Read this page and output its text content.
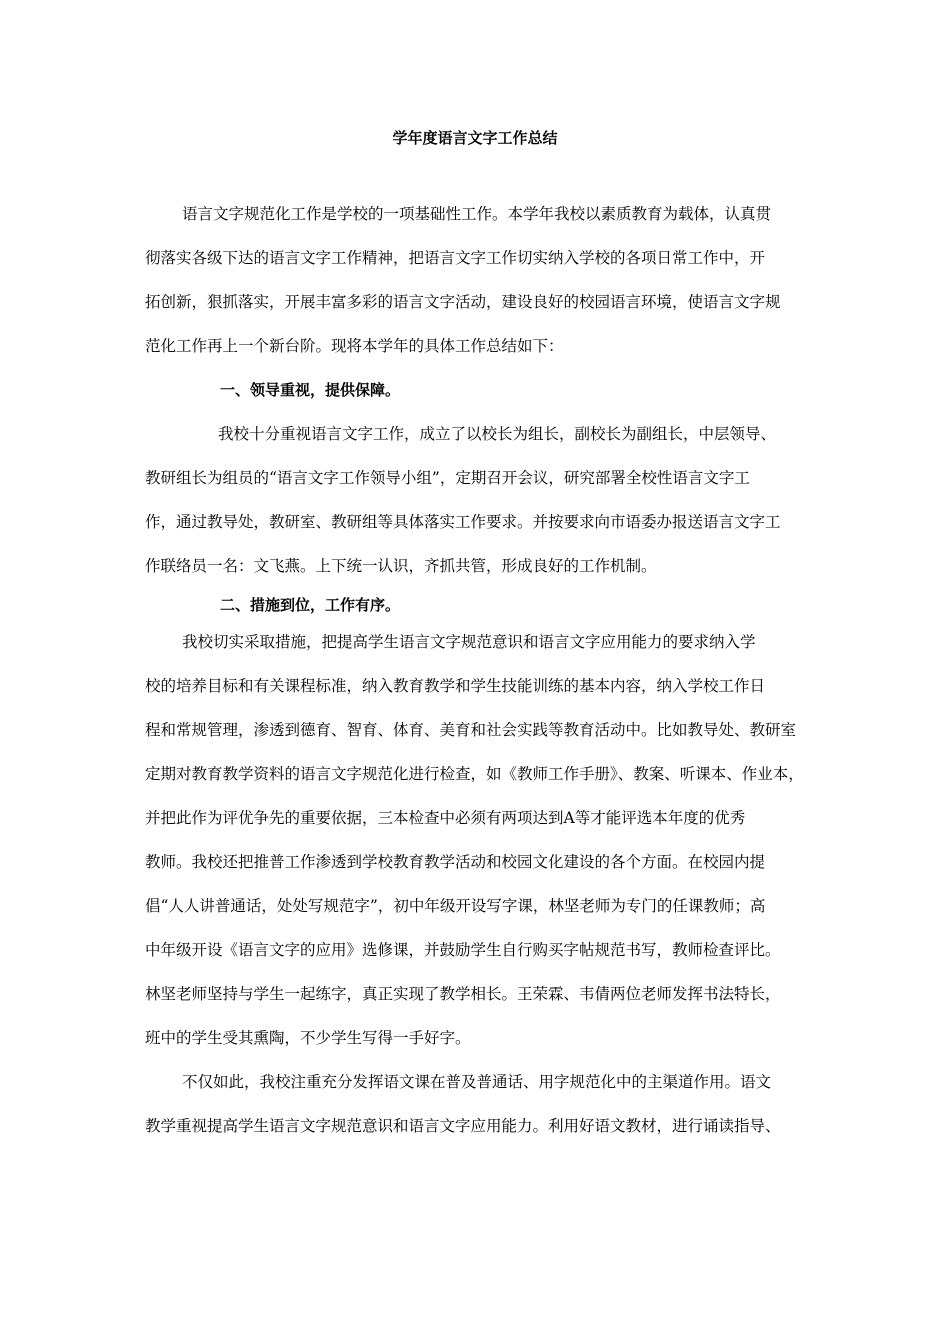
学年度语言文字工作总结
语言文字规范化工作是学校的一项基础性工作。本学年我校以素质教育为载体，认真贯
彻落实各级下达的语言文字工作精神，把语言文字工作切实纳入学校的各项日常工作中，开
拓创新，狠抓落实，开展丰富多彩的语言文字活动，建设良好的校园语言环境，使语言文字规
范化工作再上一个新台阶。现将本学年的具体工作总结如下：
一、领导重视，提供保障。
我校十分重视语言文字工作，成立了以校长为组长，副校长为副组长，中层领导、
教研组长为组员的“语言文字工作领导小组”，定期召开会议，研究部署全校性语言文字工
作，通过教导处，教研室、教研组等具体落实工作要求。并按要求向市语委办报送语言文字工
作联络员一名：文飞燕。上下统一认识，齐抓共管，形成良好的工作机制。
二、措施到位，工作有序。
我校切实采取措施，把提高学生语言文字规范意识和语言文字应用能力的要求纳入学
校的培养目标和有关课程标准，纳入教育教学和学生技能训练的基本内容，纳入学校工作日
程和常规管理，渗透到德育、智育、体育、美育和社会实践等教育活动中。比如教导处、教研室
定期对教育教学资料的语言文字规范化进行检查，如《教师工作手册》、教案、听课本、作业本，
并把此作为评优争先的重要依据，三本检查中必须有两项达到A等才能评选本年度的优秀
教师。我校还把推普工作渗透到学校教育教学活动和校园文化建设的各个方面。在校园内提
倡“人人讲普通话，处处写规范字”，初中年级开设写字课，林坚老师为专门的任课教师；高
中年级开设《语言文字的应用》选修课，并鼓励学生自行购买字帖规范书写，教师检查评比。
林坚老师坚持与学生一起练字，真正实现了教学相长。王荣霖、韦倩两位老师发挥书法特长，
班中的学生受其熏陶，不少学生写得一手好字。
不仅如此，我校注重充分发挥语文课在普及普通话、用字规范化中的主渠道作用。语文
教学重视提高学生语言文字规范意识和语言文字应用能力。利用好语文教材，进行诵读指导、
